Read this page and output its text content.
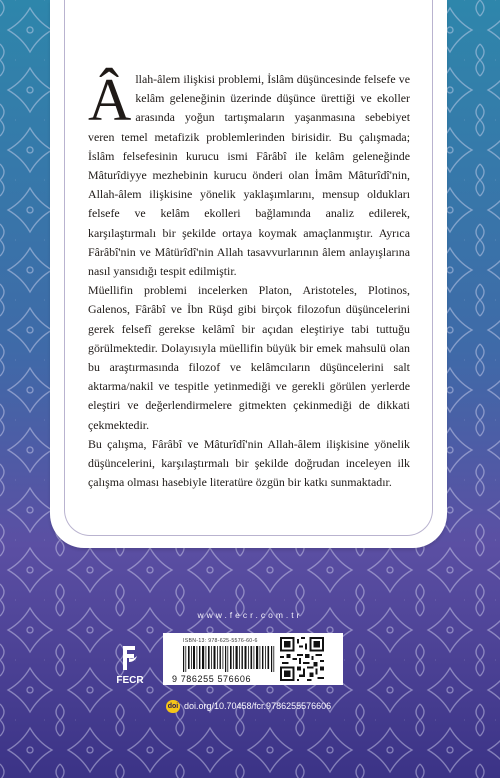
Âllah-âlem ilişkisi problemi, İslâm düşüncesinde felsefe ve kelâm geleneğinin üzerinde düşünce ürettiği ve ekoller arasında yoğun tartışmaların yaşanmasına sebebiyet veren temel metafizik problemlerinden birisidir. Bu çalışmada; İslâm felsefesinin kurucu ismi Fârâbî ile kelâm geleneğinde Mâturîdiyye mezhebinin kurucu önderi olan İmâm Mâturîdî'nin, Allah-âlem ilişkisine yönelik yaklaşımlarını, mensup oldukları felsefe ve kelâm ekolleri bağlamında analiz edilerek, karşılaştırmalı bir şekilde ortaya koymak amaçlanmıştır. Ayrıca Fârâbî'nin ve Mâtürîdî'nin Allah tasavvurlarının âlem anlayışlarına nasıl yansıdığı tespit edilmiştir.

Müellifin problemi incelerken Platon, Aristoteles, Plotinos, Galenos, Fârâbî ve İbn Rüşd gibi birçok filozofun düşüncelerini gerek felsefî gerekse kelâmî bir açıdan eleştiriye tabi tuttuğu görülmektedir. Dolayısıyla müellifin büyük bir emek mahsulü olan bu araştırmasında filozof ve kelâmcıların düşüncelerini salt aktarma/nakil ve tespitle yetinmediği ve gerekli görülen yerlerde eleştiri ve değerlendirmelere gitmekten çekinmediği de dikkati çekmektedir.

Bu çalışma, Fârâbî ve Mâturîdî'nin Allah-âlem ilişkisine yönelik düşüncelerini, karşılaştırmalı bir şekilde doğrudan inceleyen ilk çalışma olması hasebiyle literatüre özgün bir katkı sunmaktadır.

www.fecr.com.tr
FECR
ISBN-13: 978-625-5576-60-6
9 786255 576606
doi doi.org/10.70458/fcr.9786255576606
